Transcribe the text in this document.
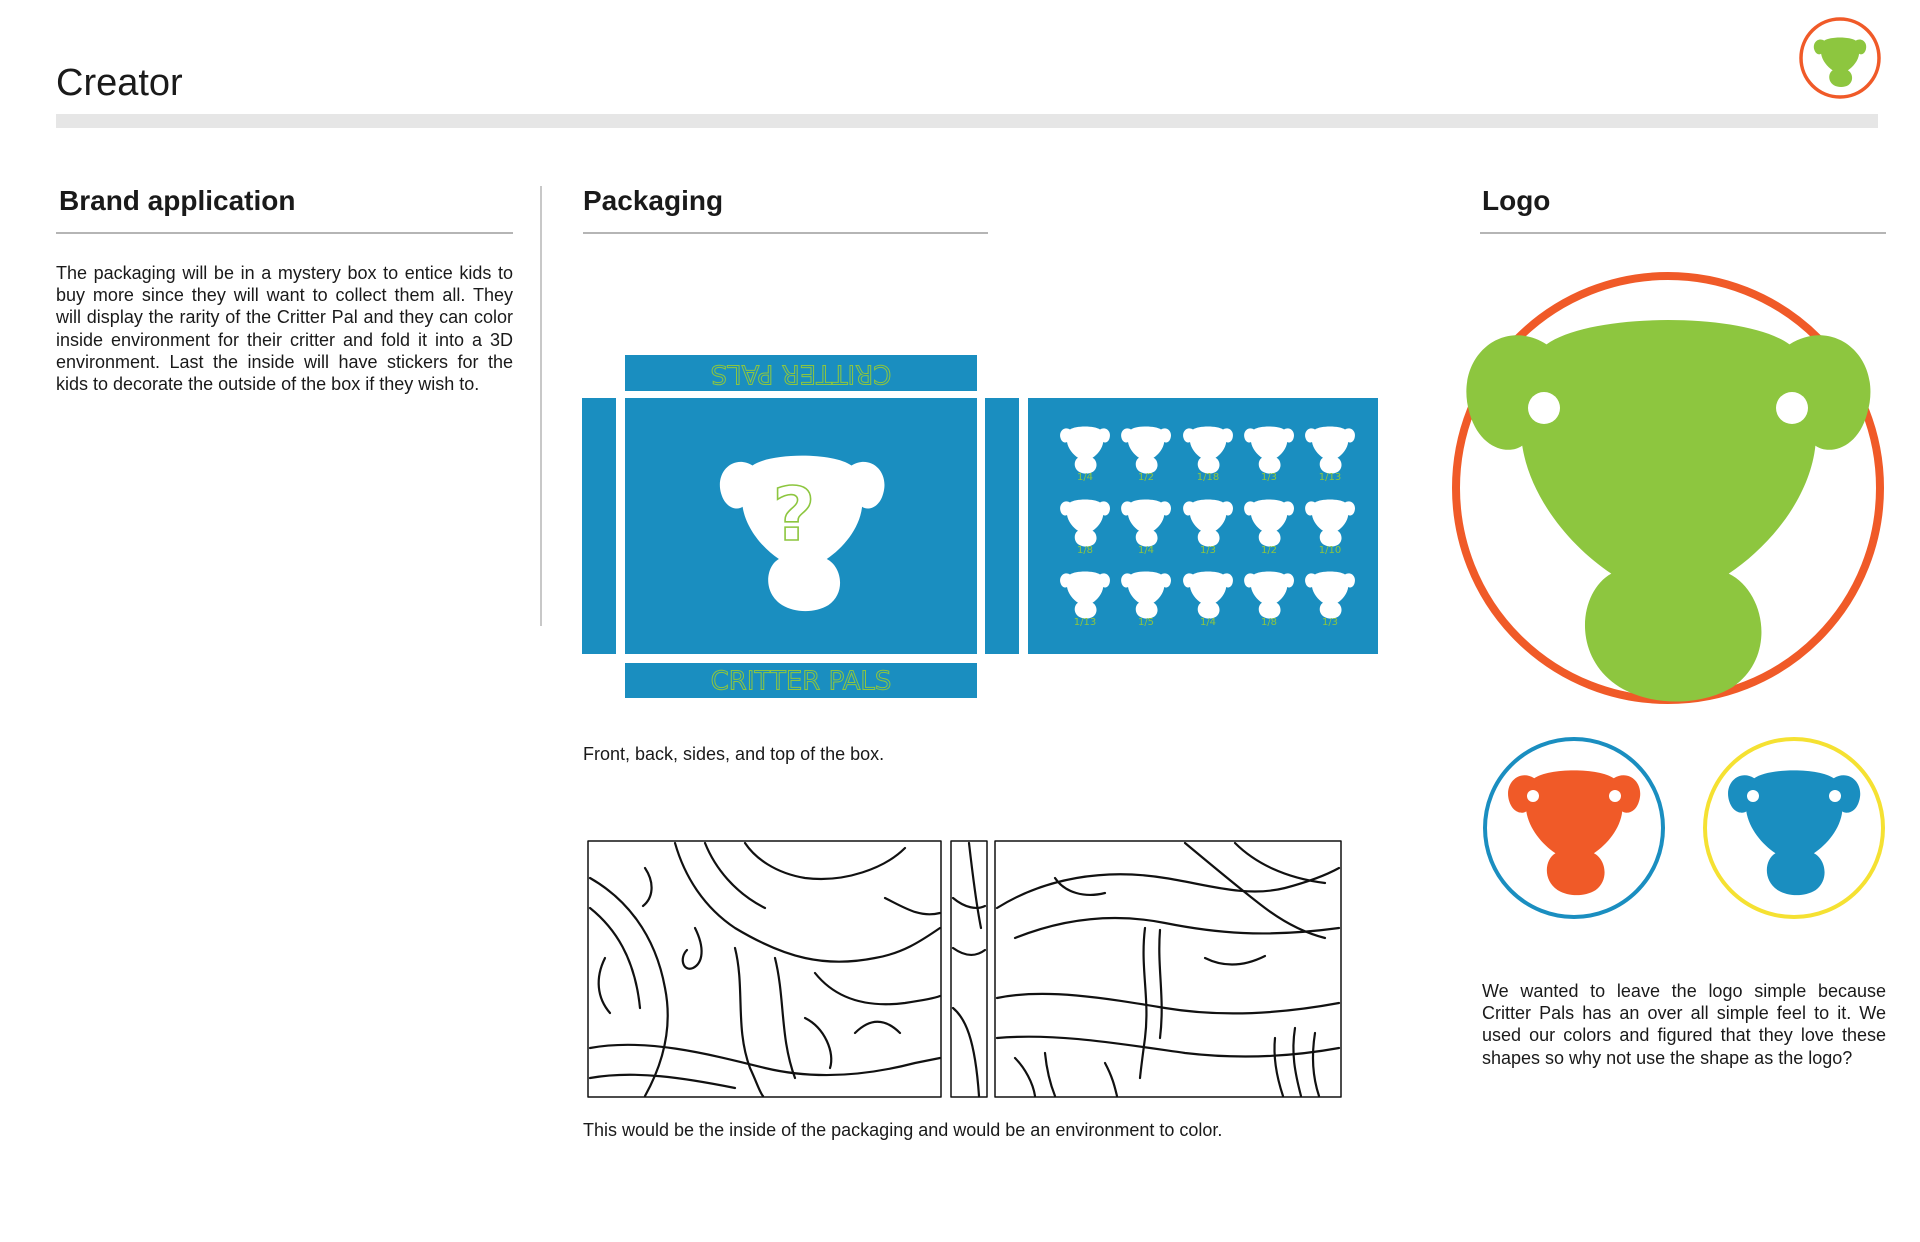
Creator
Brand application

The packaging will be in a mystery box to entice kids to buy more since they will want to collect them all. They will display the rarity of the Critter Pal and they can color inside environment for their critter and fold it into a 3D environment. Last the inside will have stickers for the kids to decorate the outside of the box if they wish to.

Packaging
CRITTER PALS
?	1/4	1/2	1/18	1/3	1/13
1/8	1/4	1/3	1/2	1/10
1/13	1/5	1/4	1/8	1/3
CRITTER PALS

Front, back, sides, and top of the box.

This would be the inside of the packaging and would be an environment to color.

Logo

We wanted to leave the logo simple because Critter Pals has an over all simple feel to it. We used our colors and figured that they love these shapes so why not use the shape as the logo?
